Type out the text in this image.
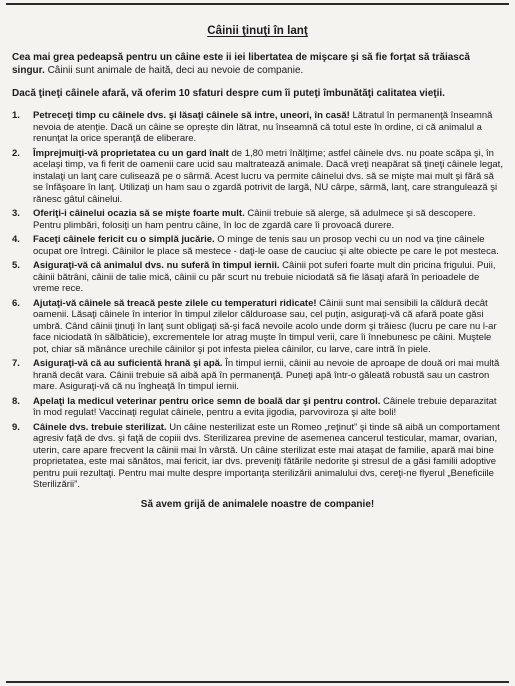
Câinii ţinuţi în lanţ

Cea mai grea pedeapsă pentru un câine este ii iei libertatea de mişcare şi să fie forţat să trăiască singur. Câinii sunt animale de haită, deci au nevoie de companie.

Dacă ţineţi câinele afară, vă oferim 10 sfaturi despre cum îi puteţi îmbunătăţi calitatea vieţii.

1. Petreceţi timp cu câinele dvs. şi lăsaţi câinele să intre, uneori, în casă! Lătratul în permanenţă înseamnă nevoia de atenţie. Dacă un câine se oprește din lătrat, nu înseamnă că totul este în ordine, ci că animalul a renunţat la orice speranţă de eliberare.
2. Împrejmuiţi-vă proprietatea cu un gard înalt de 1,80 metri înălţime; astfel câinele dvs. nu poate scăpa şi, în acelaşi timp, va fi ferit de oamenii care ucid sau maltratează animale. Dacă vreţi neapărat să ţineţi câinele legat, instalaţi un lanţ care culisează pe o sârmă. Acest lucru va permite câinelui dvs. să se mişte mai mult şi fără să se înfăşoare în lanţ. Utilizaţi un ham sau o zgardă potrivit de largă, NU cârpe, sârmă, lanţ, care strangulează şi rănesc gâtul câinelui.
3. Oferiţi-i câinelui ocazia să se mişte foarte mult. Câinii trebuie să alerge, să adulmece şi să descopere. Pentru plimbări, folosiţi un ham pentru câine, în loc de zgardă care îi provoacă durere.
4. Faceţi câinele fericit cu o simplă jucărie. O minge de tenis sau un prosop vechi cu un nod va ţine câinele ocupat ore întregi. Câinilor le place să mestece - daţi-le oase de cauciuc şi alte obiecte pe care le pot mesteca.
5. Asiguraţi-vă că animalul dvs. nu suferă în timpul iernii. Câinii pot suferi foarte mult din pricina frigului. Puii, câinii bătrâni, câinii de talie mică, câinii cu păr scurt nu trebuie niciodată să fie lăsaţi afară în perioadele de vreme rece.
6. Ajutaţi-vă câinele să treacă peste zilele cu temperaturi ridicate! Câinii sunt mai sensibili la căldură decât oamenii. Lăsaţi câinele în interior în timpul zilelor călduroase sau, cel puţin, asiguraţi-vă că afară poate găsi umbră. Când câinii ţinuţi în lanţ sunt obligaţi să-şi facă nevoile acolo unde dorm şi trăiesc (lucru pe care nu l-ar face niciodată în sălbăticie), excrementele lor atrag muşte în timpul verii, care îi înnebunesc pe câini. Muştele pot, chiar să mănânce urechile câinilor şi pot infesta pielea câinilor, cu larve, care intră în piele.
7. Asiguraţi-vă că au suficientă hrană şi apă. În timpul iernii, câinii au nevoie de aproape de două ori mai multă hrană decât vara. Câinii trebuie să aibă apă în permanenţă. Puneţi apă într-o găleată robustă sau un castron mare. Asiguraţi-vă că nu îngheaţă în timpul iernii.
8. Apelaţi la medicul veterinar pentru orice semn de boală dar şi pentru control. Câinele trebuie deparazitat în mod regulat! Vaccinaţi regulat câinele, pentru a evita jigodia, parvoviroza şi alte boli!
9. Câinele dvs. trebuie sterilizat. Un câine nesterilizat este un Romeo „reţinut” şi tinde să aibă un comportament agresiv faţă de dvs. şi faţă de copiii dvs. Sterilizarea previne de asemenea cancerul testicular, mamar, ovarian, uterin, care apare frecvent la câinii mai în vârstă. Un câine sterilizat este mai ataşat de familie, apară mai bine proprietatea, este mai sănătos, mai fericit, iar dvs. preveniţi fătările nedorite şi stresul de a găsi familii adoptive pentru puii rezultaţi. Pentru mai multe despre importanţa sterilizării animalului dvs, cereţi-ne flyerul „Beneficiile Sterilizării”.
Să avem grijă de animalele noastre de companie!
